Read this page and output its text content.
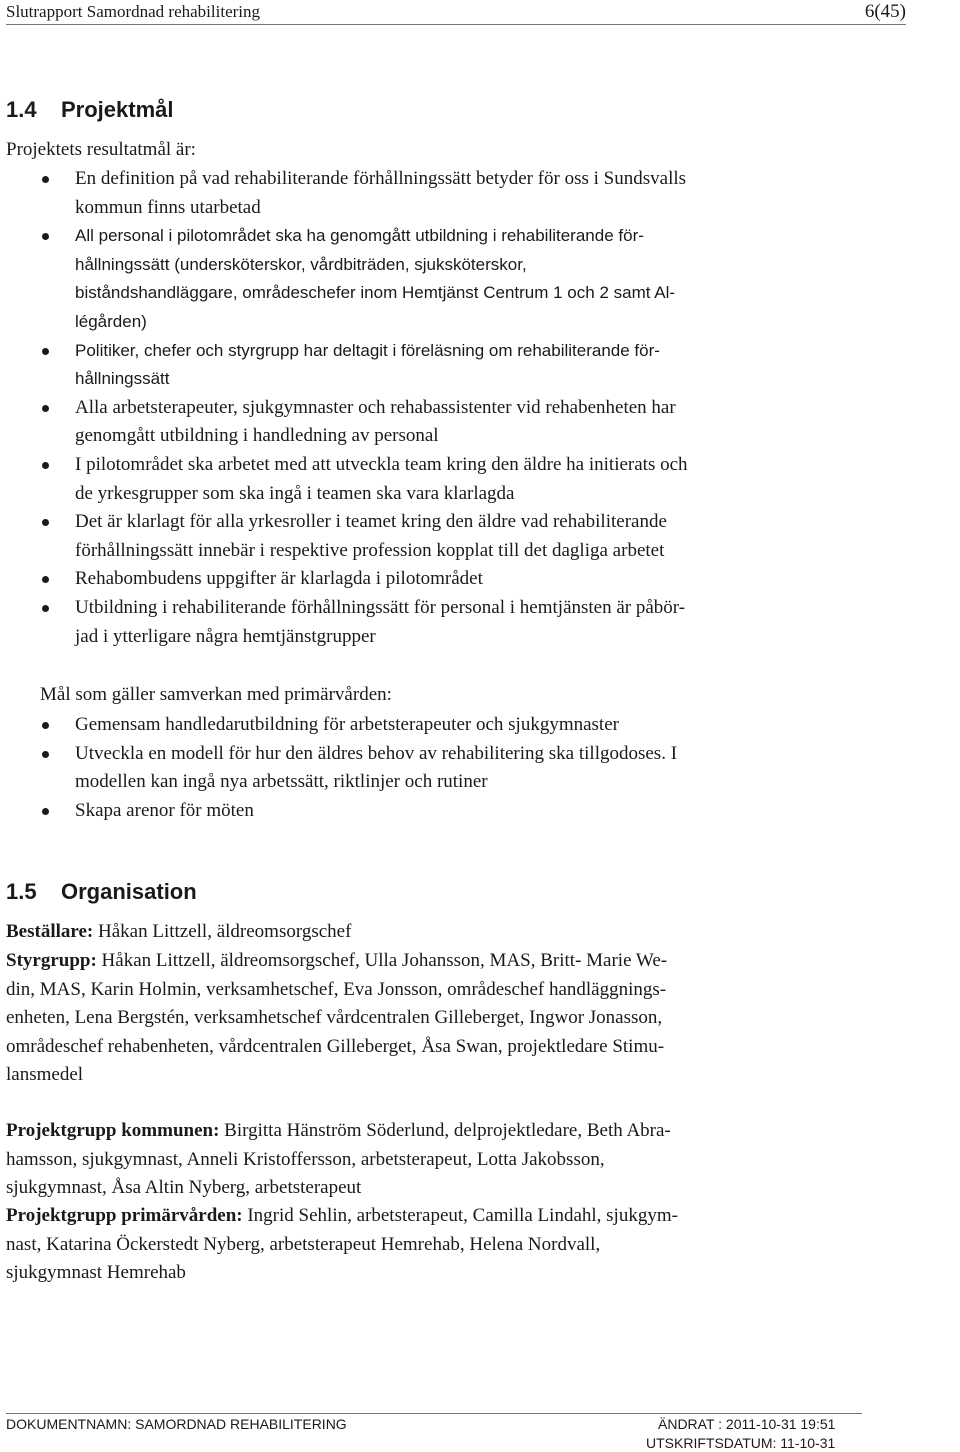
Slutrapport Samordnad rehabilitering	6(45)
1.4 Projektmål

Projektets resultatmål är:

En definition på vad rehabiliterande förhållningssätt betyder för oss i Sundsvalls
kommun finns utarbetad
All personal i pilotområdet ska ha genomgått utbildning i rehabiliterande för-
hållningssätt (undersköterskor, vårdbiträden, sjuksköterskor,
biståndshandläggare, områdeschefer inom Hemtjänst Centrum 1 och 2 samt Al-
légården)
Politiker, chefer och styrgrupp har deltagit i föreläsning om rehabiliterande för-
hållningssätt
Alla arbetsterapeuter, sjukgymnaster och rehabassistenter vid rehabenheten har
genomgått utbildning i handledning av personal
I pilotområdet ska arbetet med att utveckla team kring den äldre ha initierats och
de yrkesgrupper som ska ingå i teamen ska vara klarlagda
Det är klarlagt för alla yrkesroller i teamet kring den äldre vad rehabiliterande
förhållningssätt innebär i respektive profession kopplat till det dagliga arbetet
Rehabombudens uppgifter är klarlagda i pilotområdet
Utbildning i rehabiliterande förhållningssätt för personal i hemtjänsten är påbör-
jad i ytterligare några hemtjänstgrupper

Mål som gäller samverkan med primärvården:

Gemensam handledarutbildning för arbetsterapeuter och sjukgymnaster
Utveckla en modell för hur den äldres behov av rehabilitering ska tillgodoses. I
modellen kan ingå nya arbetssätt, riktlinjer och rutiner
Skapa arenor för möten
1.5 Organisation

Beställare: Håkan Littzell, äldreomsorgschef

Styrgrupp: Håkan Littzell, äldreomsorgschef, Ulla Johansson, MAS, Britt- Marie We-
din, MAS, Karin Holmin, verksamhetschef, Eva Jonsson, områdeschef handläggnings-
enheten, Lena Bergstén, verksamhetschef vårdcentralen Gilleberget, Ingwor Jonasson,
områdeschef rehabenheten, vårdcentralen Gilleberget, Åsa Swan, projektledare Stimu-
lansmedel

Projektgrupp kommunen: Birgitta Hänström Söderlund, delprojektledare, Beth Abra-
hamsson, sjukgymnast, Anneli Kristoffersson, arbetsterapeut, Lotta Jakobsson,
sjukgymnast, Åsa Altin Nyberg, arbetsterapeut

Projektgrupp primärvården: Ingrid Sehlin, arbetsterapeut, Camilla Lindahl, sjukgym-
nast, Katarina Öckerstedt Nyberg, arbetsterapeut Hemrehab, Helena Nordvall,
sjukgymnast Hemrehab

DOKUMENTNAMN: SAMORDNAD REHABILITERING	ÄNDRAT : 2011-10-31 19:51
UTSKRIFTSDATUM: 11-10-31
